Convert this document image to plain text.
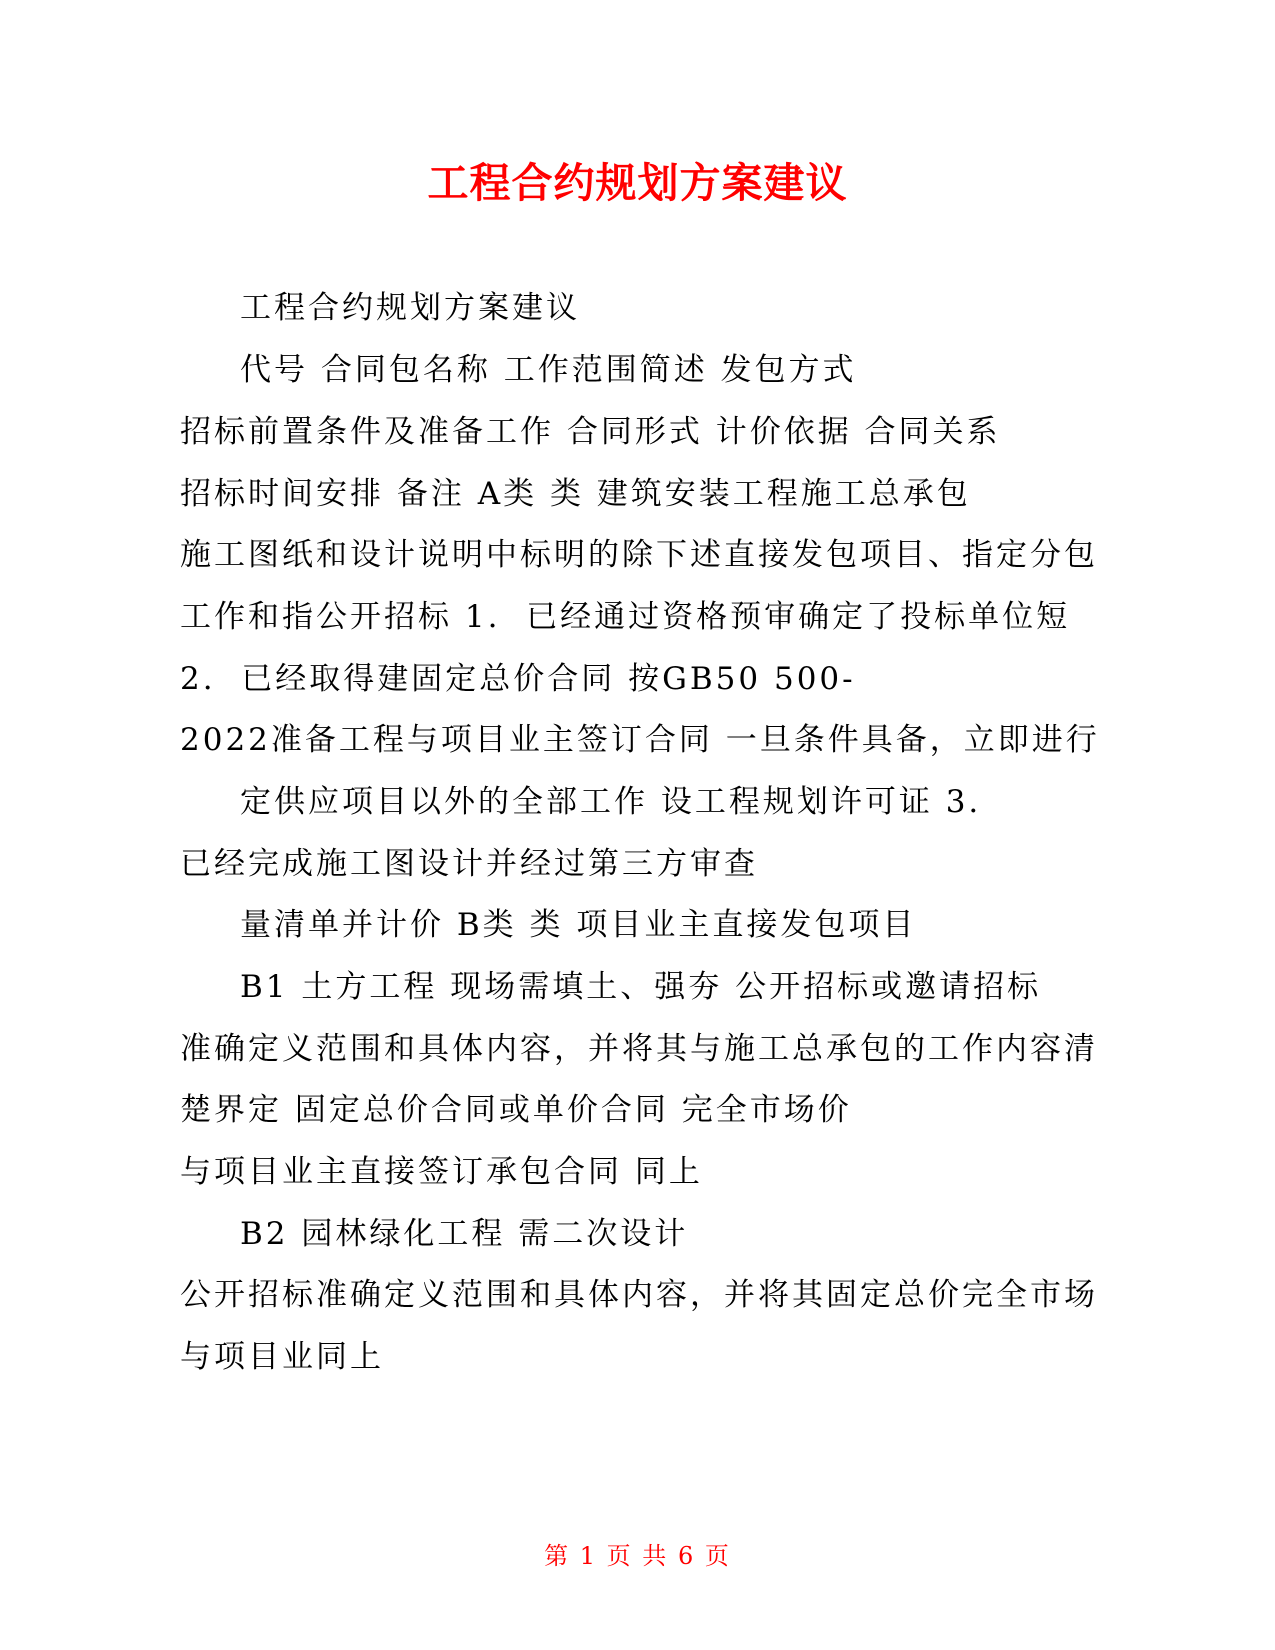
工程合约规划方案建议
工程合约规划方案建议
代号 合同包名称 工作范围简述 发包方式
招标前置条件及准备工作 合同形式 计价依据 合同关系
招标时间安排 备注 A类 类 建筑安装工程施工总承包
施工图纸和设计说明中标明的除下述直接发包项目、指定分包
工作和指公开招标 1.  已经通过资格预审确定了投标单位短
2.  已经取得建固定总价合同 按GB50 500-
2022准备工程与项目业主签订合同 一旦条件具备，立即进行
定供应项目以外的全部工作 设工程规划许可证 3.
已经完成施工图设计并经过第三方审查
量清单并计价 B类 类 项目业主直接发包项目
B1 土方工程 现场需填土、强夯 公开招标或邀请招标
准确定义范围和具体内容，并将其与施工总承包的工作内容清
楚界定 固定总价合同或单价合同 完全市场价
与项目业主直接签订承包合同 同上
B2 园林绿化工程 需二次设计
公开招标准确定义范围和具体内容，并将其固定总价完全市场
与项目业同上
第 1 页 共 6 页
